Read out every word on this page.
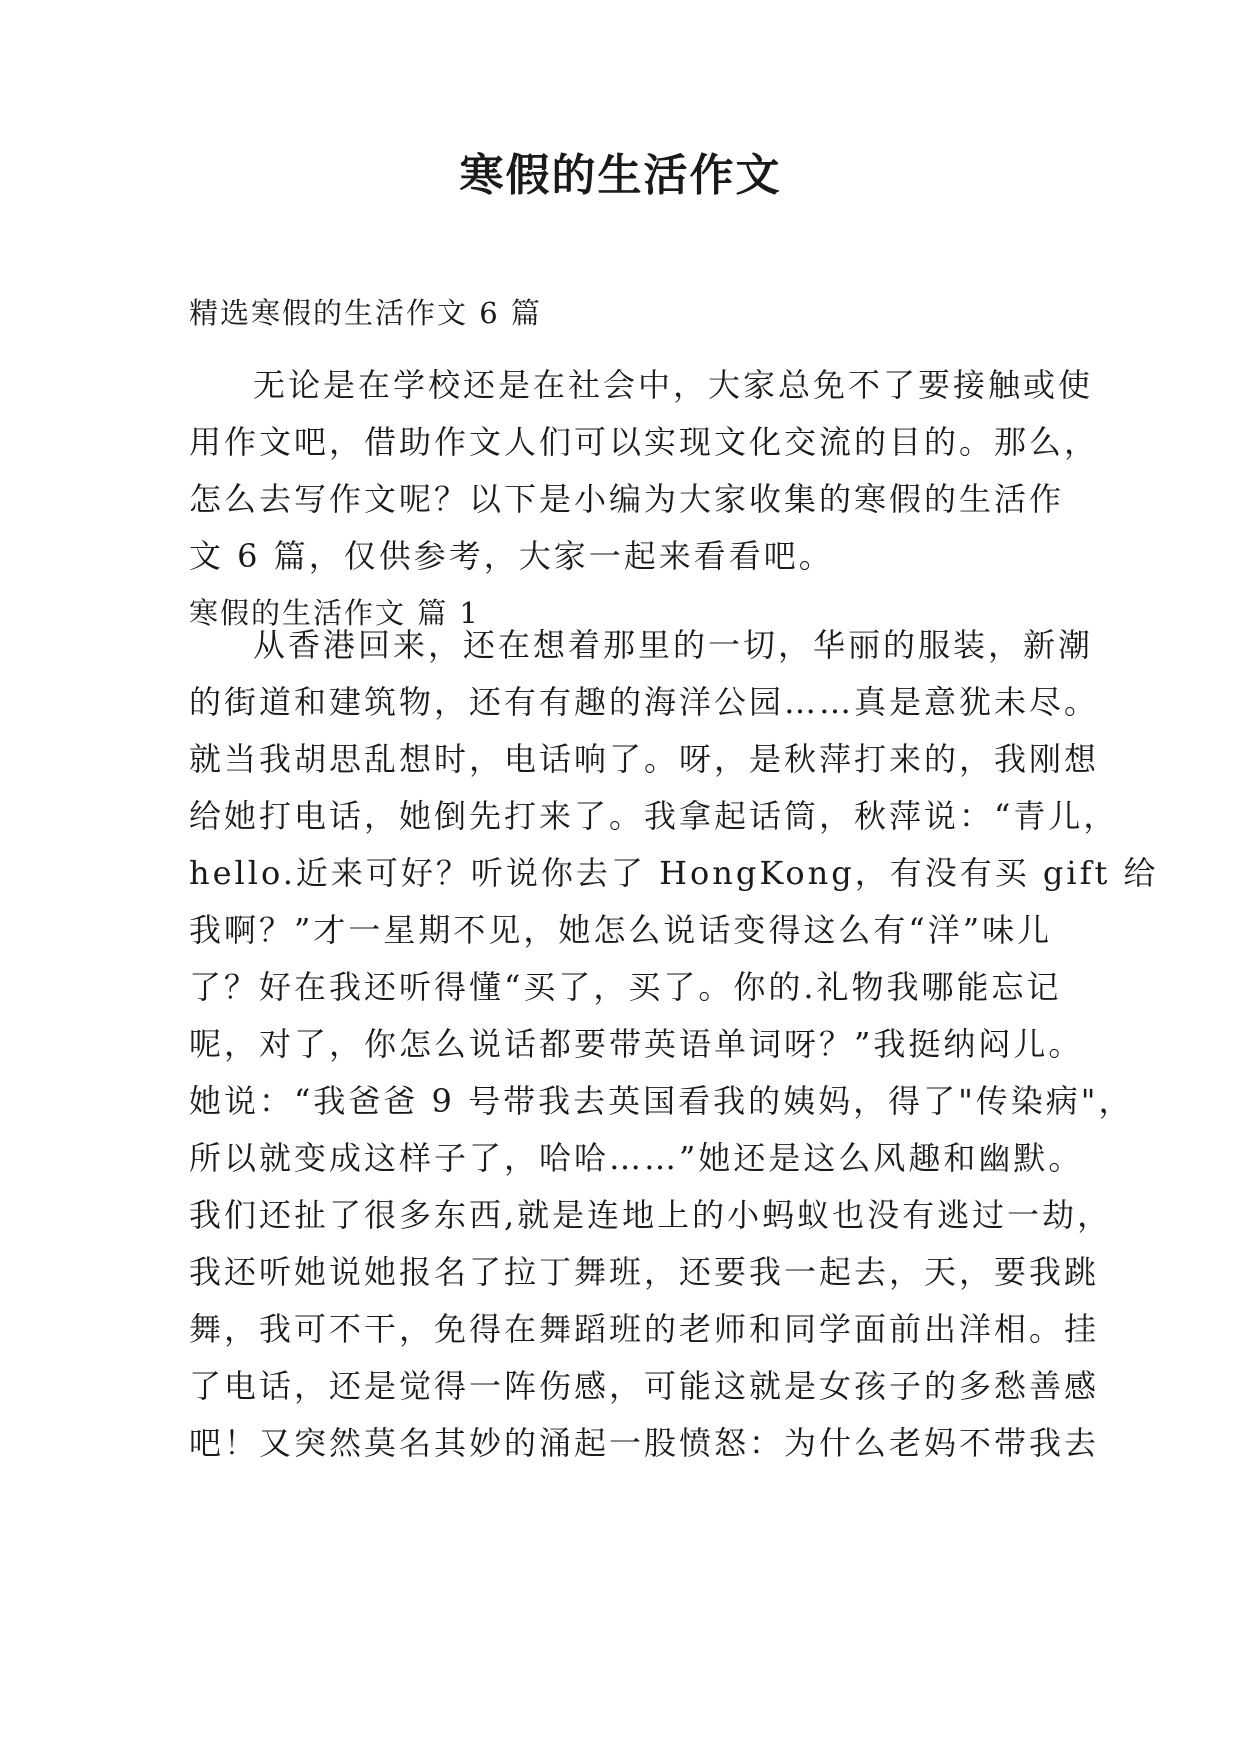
寒假的生活作文
精选寒假的生活作文 6 篇
无论是在学校还是在社会中，大家总免不了要接触或使
用作文吧，借助作文人们可以实现文化交流的目的。那么，
怎么去写作文呢？以下是小编为大家收集的寒假的生活作
文 6 篇，仅供参考，大家一起来看看吧。
寒假的生活作文 篇 1
从香港回来，还在想着那里的一切，华丽的服装，新潮
的街道和建筑物，还有有趣的海洋公园……真是意犹未尽。
就当我胡思乱想时，电话响了。呀，是秋萍打来的，我刚想
给她打电话，她倒先打来了。我拿起话筒，秋萍说：“青儿，
hello.近来可好？听说你去了 HongKong，有没有买 gift 给
我啊？”才一星期不见，她怎么说话变得这么有“洋”味儿
了？好在我还听得懂“买了，买了。你的.礼物我哪能忘记
呢，对了，你怎么说话都要带英语单词呀？”我挺纳闷儿。
她说：“我爸爸 9 号带我去英国看我的姨妈，得了"传染病"，
所以就变成这样子了，哈哈……”她还是这么风趣和幽默。
我们还扯了很多东西,就是连地上的小蚂蚁也没有逃过一劫，
我还听她说她报名了拉丁舞班，还要我一起去，天，要我跳
舞，我可不干，免得在舞蹈班的老师和同学面前出洋相。挂
了电话，还是觉得一阵伤感，可能这就是女孩子的多愁善感
吧！又突然莫名其妙的涌起一股愤怒：为什么老妈不带我去
